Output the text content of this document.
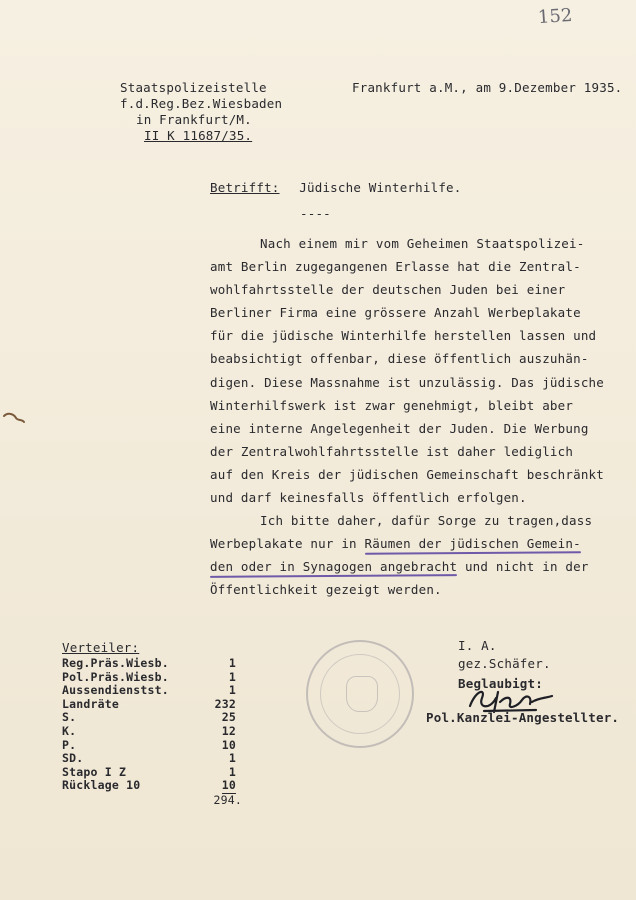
152
Staatspolizeistelle
f.d.Reg.Bez.Wiesbaden
in Frankfurt/M.
II K 11687/35.
Frankfurt a.M., am 9.Dezember 1935.
Betrifft: Jüdische Winterhilfe.
----
Nach einem mir vom Geheimen Staatspolizei-
amt Berlin zugegangenen Erlasse hat die Zentral-
wohlfahrtsstelle der deutschen Juden bei einer
Berliner Firma eine grössere Anzahl Werbeplakate
für die jüdische Winterhilfe herstellen lassen und
beabsichtigt offenbar, diese öffentlich auszuhän-
digen. Diese Massnahme ist unzulässig. Das jüdische
Winterhilfswerk ist zwar genehmigt, bleibt aber
eine interne Angelegenheit der Juden. Die Werbung
der Zentralwohlfahrtsstelle ist daher lediglich
auf den Kreis der jüdischen Gemeinschaft beschränkt
und darf keinesfalls öffentlich erfolgen.
Ich bitte daher, dafür Sorge zu tragen,dass
Werbeplakate nur in Räumen der jüdischen Gemein-
den oder in Synagogen angebracht und nicht in der
Öffentlichkeit gezeigt werden.
Verteiler:
Reg.Präs.Wiesb.	1
Pol.Präs.Wiesb.	1
Aussendienstst.	1
Landräte	232
S.	25
K.	12
P.	10
SD.	1
Stapo I Z	1
Rücklage 10	10
294.
I. A.
gez.Schäfer.
Beglaubigt:
Pol.Kanzlei-Angestellter.
